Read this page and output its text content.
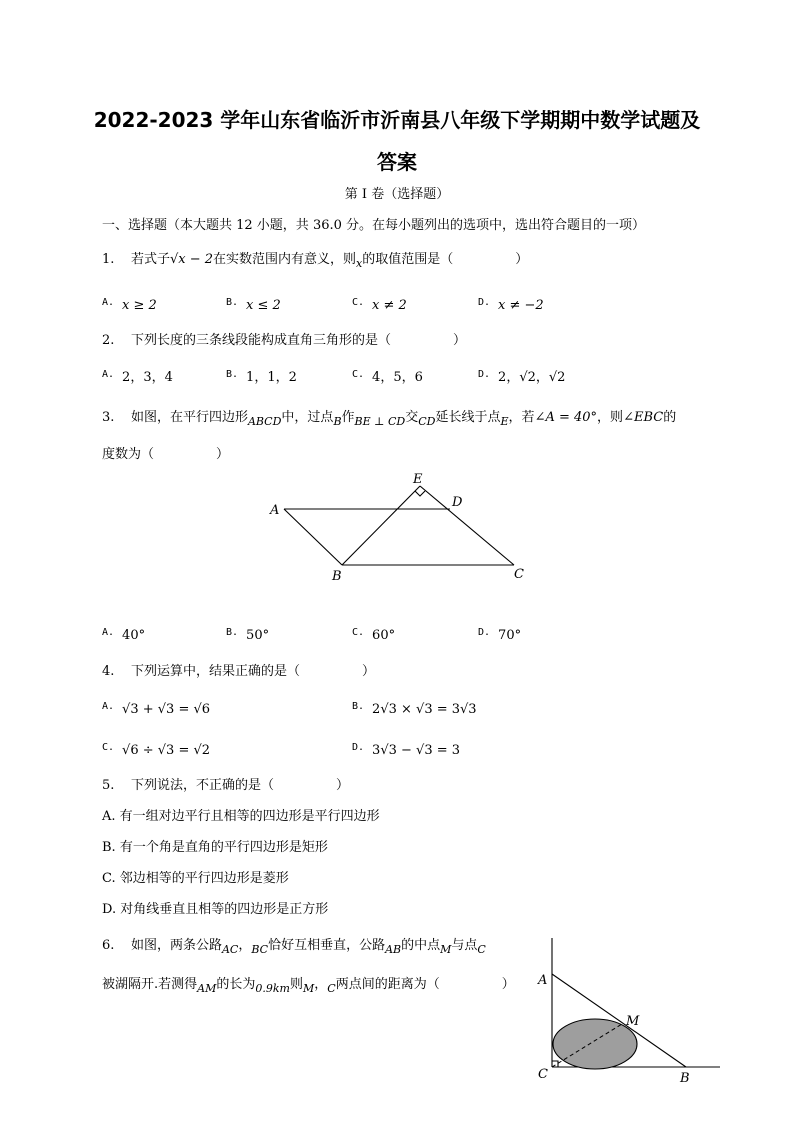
2022-2023 学年山东省临沂市沂南县八年级下学期期中数学试题及
答案
第 I 卷（选择题）
一、选择题（本大题共 12 小题，共 36.0 分。在每小题列出的选项中，选出符合题目的一项）
1. 若式子√x − 2在实数范围内有意义，则$_x$的取值范围是（	）
$^{A.}$ x ≥ 2	$^{B.}$ x ≤ 2	$^{C.}$ x ≠ 2	$^{D.}$ x ≠ −2
2. 下列长度的三条线段能构成直角三角形的是（	）
$^{A.}$ 2，3，4	$^{B.}$ 1，1，2	$^{C.}$ 4，5，6	$^{D.}$ 2，√2，√2
3. 如图，在平行四边形$_{ABCD}$中，过点$_B$作$_{BE \perp CD}$交$_{CD}$延长线于点$_E$，若∠A = 40°，则∠EBC的
度数为（	）
A
B	C
D
E
$^{A.}$ 40°	$^{B.}$ 50°	$^{C.}$ 60°	$^{D.}$ 70°
4. 下列运算中，结果正确的是（	）
$^{A.}$ √3 + √3 = √6	$^{B.}$ 2√3 × √3 = 3√3
$^{C.}$ √6 ÷ √3 = √2	$^{D.}$ 3√3 − √3 = 3
5. 下列说法，不正确的是（	）
A. 有一组对边平行且相等的四边形是平行四边形
B. 有一个角是直角的平行四边形是矩形
C. 邻边相等的平行四边形是菱形
D. 对角线垂直且相等的四边形是正方形
6. 如图，两条公路$_{AC}$，$_{BC}$恰好互相垂直，公路$_{AB}$的中点$_M$与点$_C$
被湖隔开.若测得$_{AM}$的长为$_{0.9km}$则$_M$，$_C$两点间的距离为（	） A
M
C	B
